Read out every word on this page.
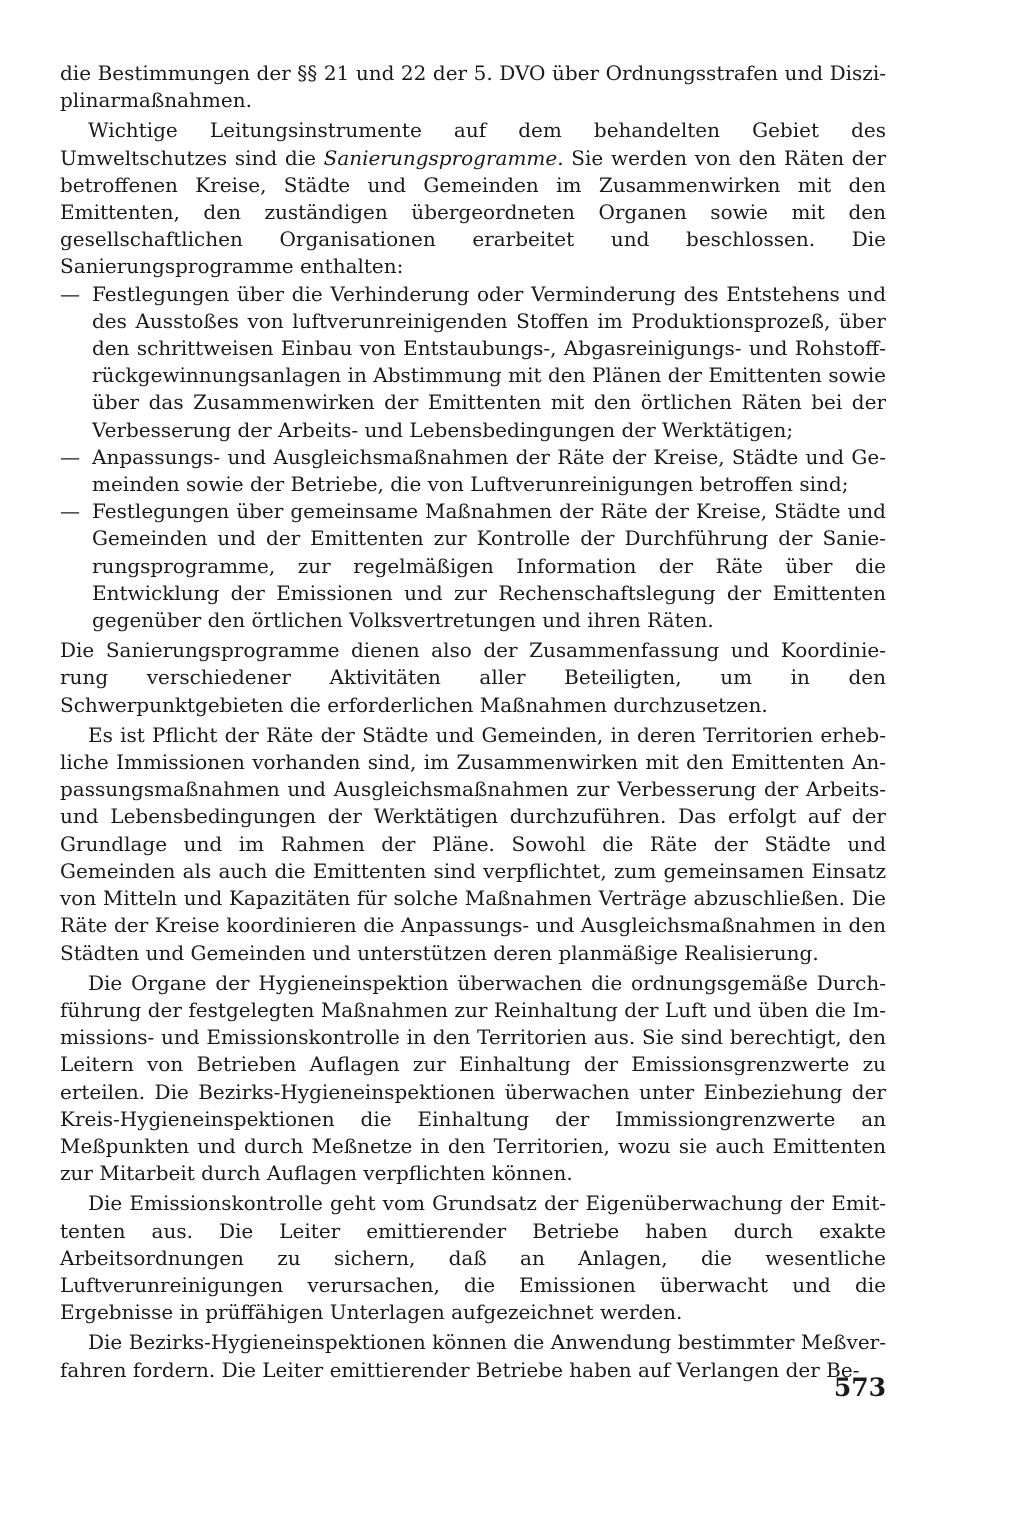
die Bestimmungen der §§ 21 und 22 der 5. DVO über Ordnungsstrafen und Disziplinarmaßnahmen.

Wichtige Leitungsinstrumente auf dem behandelten Gebiet des Umweltschutzes sind die Sanierungsprogramme. Sie werden von den Räten der betroffenen Kreise, Städte und Gemeinden im Zusammenwirken mit den Emittenten, den zuständigen übergeordneten Organen sowie mit den gesellschaftlichen Organisationen erarbeitet und beschlossen. Die Sanierungsprogramme enthalten:

— Festlegungen über die Verhinderung oder Verminderung des Entstehens und des Ausstoßes von luftverunreinigenden Stoffen im Produktionsprozeß, über den schrittweisen Einbau von Entstaubungs-, Abgasreinigungs- und Rohstoffrückgewinnungsanlagen in Abstimmung mit den Plänen der Emittenten sowie über das Zusammenwirken der Emittenten mit den örtlichen Räten bei der Verbesserung der Arbeits- und Lebensbedingungen der Werktätigen;
— Anpassungs- und Ausgleichsmaßnahmen der Räte der Kreise, Städte und Gemeinden sowie der Betriebe, die von Luftverunreinigungen betroffen sind;
— Festlegungen über gemeinsame Maßnahmen der Räte der Kreise, Städte und Gemeinden und der Emittenten zur Kontrolle der Durchführung der Sanierungsprogramme, zur regelmäßigen Information der Räte über die Entwicklung der Emissionen und zur Rechenschaftslegung der Emittenten gegenüber den örtlichen Volksvertretungen und ihren Räten.

Die Sanierungsprogramme dienen also der Zusammenfassung und Koordinierung verschiedener Aktivitäten aller Beteiligten, um in den Schwerpunktgebieten die erforderlichen Maßnahmen durchzusetzen.

Es ist Pflicht der Räte der Städte und Gemeinden, in deren Territorien erhebliche Immissionen vorhanden sind, im Zusammenwirken mit den Emittenten Anpassungsmaßnahmen und Ausgleichsmaßnahmen zur Verbesserung der Arbeits- und Lebensbedingungen der Werktätigen durchzuführen. Das erfolgt auf der Grundlage und im Rahmen der Pläne. Sowohl die Räte der Städte und Gemeinden als auch die Emittenten sind verpflichtet, zum gemeinsamen Einsatz von Mitteln und Kapazitäten für solche Maßnahmen Verträge abzuschließen. Die Räte der Kreise koordinieren die Anpassungs- und Ausgleichsmaßnahmen in den Städten und Gemeinden und unterstützen deren planmäßige Realisierung.

Die Organe der Hygieneinspektion überwachen die ordnungsgemäße Durchführung der festgelegten Maßnahmen zur Reinhaltung der Luft und üben die Immissions- und Emissionskontrolle in den Territorien aus. Sie sind berechtigt, den Leitern von Betrieben Auflagen zur Einhaltung der Emissionsgrenzwerte zu erteilen. Die Bezirks-Hygieneinspektionen überwachen unter Einbeziehung der Kreis-Hygieneinspektionen die Einhaltung der Immissiongrenzwerte an Meßpunkten und durch Meßnetze in den Territorien, wozu sie auch Emittenten zur Mitarbeit durch Auflagen verpflichten können.

Die Emissionskontrolle geht vom Grundsatz der Eigenüberwachung der Emittenten aus. Die Leiter emittierender Betriebe haben durch exakte Arbeitsordnungen zu sichern, daß an Anlagen, die wesentliche Luftverunreinigungen verursachen, die Emissionen überwacht und die Ergebnisse in prüffähigen Unterlagen aufgezeichnet werden.

Die Bezirks-Hygieneinspektionen können die Anwendung bestimmter Meßverfahren fordern. Die Leiter emittierender Betriebe haben auf Verlangen der Be-

573
